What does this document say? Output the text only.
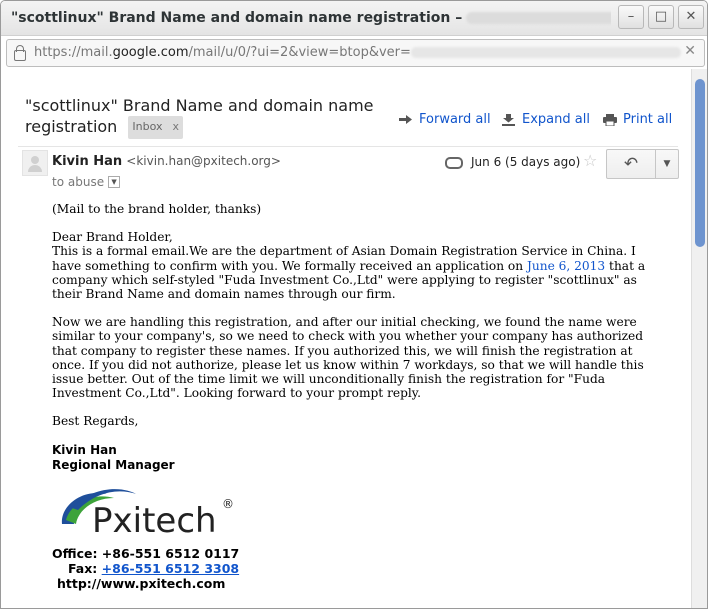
"scottlinux" Brand Name and domain name registration –	–	□	✕
https://mail.google.com/mail/u/0/?ui=2&view=btop&ver=	✕
"scottlinux" Brand Name and domain name registration Inbox x	Forward all	Expand all	Print all
Kivin Han <kivin.han@pxitech.org>
to abuse ▼
Jun 6 (5 days ago) ☆	↶	▼

(Mail to the brand holder, thanks)

Dear Brand Holder,

This is a formal email.We are the department of Asian Domain Registration Service in China. I have something to confirm with you. We formally received an application on June 6, 2013 that a company which self-styled "Fuda Investment Co.,Ltd" were applying to register "scottlinux" as their Brand Name and domain names through our firm.

Now we are handling this registration, and after our initial checking, we found the name were similar to your company's, so we need to check with you whether your company has authorized that company to register these names. If you authorized this, we will finish the registration at once. If you did not authorize, please let us know within 7 workdays, so that we will handle this issue better. Out of the time limit we will unconditionally finish the registration for "Fuda Investment Co.,Ltd". Looking forward to your prompt reply.

Best Regards,

Kivin Han

Regional Manager

Pxitech ®
Office: +86-551 6512 0117
Fax: +86-551 6512 3308
http://www.pxitech.com
